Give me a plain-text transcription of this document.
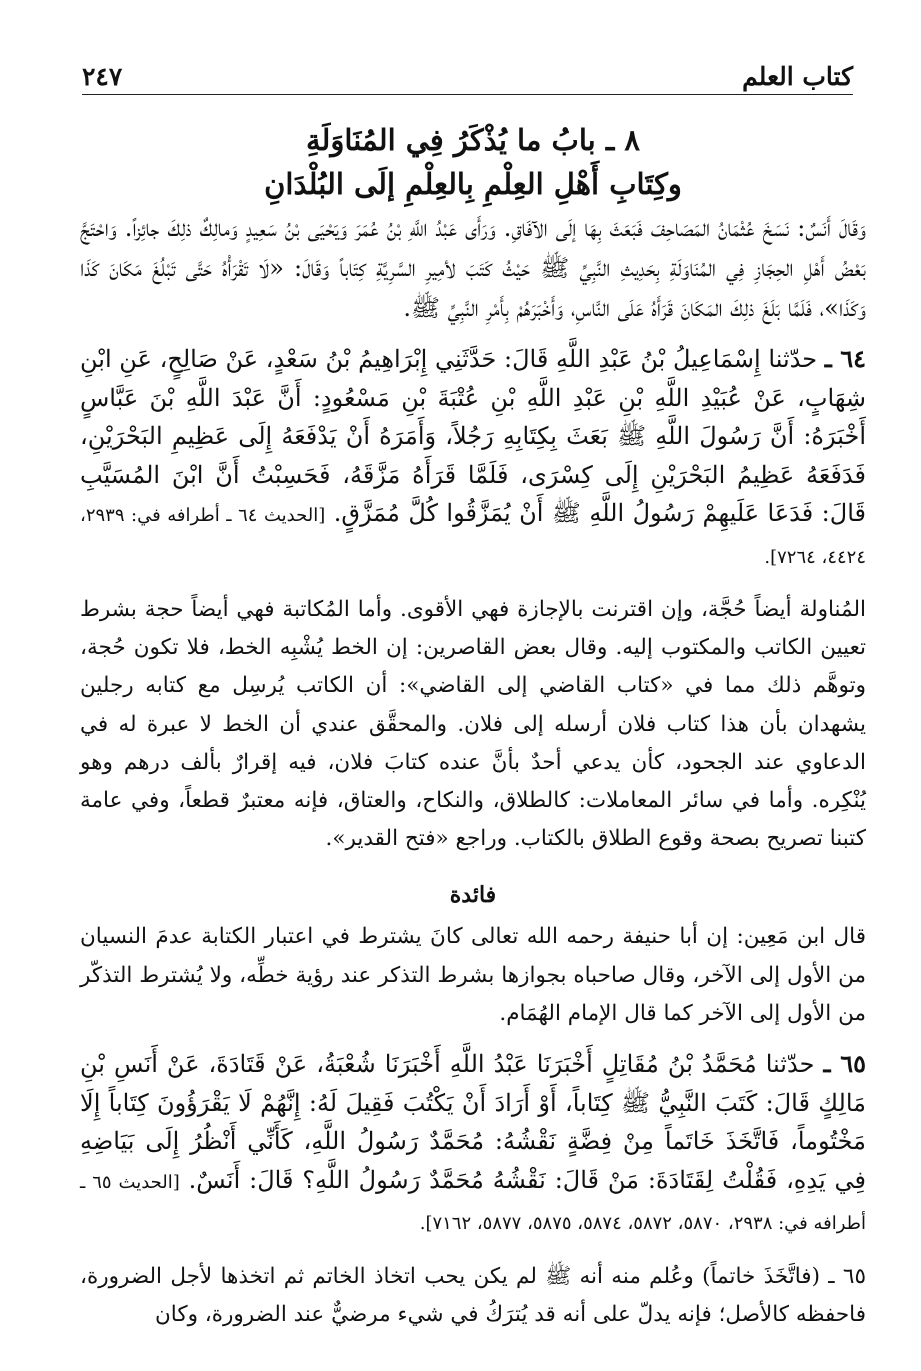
كتاب العلم
٢٤٧

٨ ـ بابُ ما يُذْكَرُ فِي المُنَاوَلَةِ

وكِتَابِ أَهْلِ العِلْمِ بِالعِلْمِ إلَى البُلْدَانِ

وَقَالَ أَنَسٌ: نَسَخَ عُثْمَانُ المَصَاحِفَ فَبَعَثَ بِهَا إلَى الآفَاقِ. وَرَأَى عَبْدُ اللَّهِ بْنُ عُمَرَ وَيَحْيَى بْنُ سَعِيدٍ وَمالِكٌ ذلِكَ جائِزاً. وَاحْتَجَّ بَعْضُ أَهْلِ الحِجَازِ فِي المُنَاوَلَةِ بِحَدِيثِ النَّبِيِّ ﷺ حَيْثُ كَتَبَ لأمِيرِ السَّرِيَّةِ كِتَاباً وَقَالَ: «لَا تَقْرَأْهُ حَتَّى تَبْلُغَ مَكَانَ كَذَا وَكَذَا»، فَلَمَّا بَلَغَ ذلِكَ المَكَانَ قَرَأَهُ عَلَى النَّاسِ، وَأَخْبَرَهُمْ بِأَمْرِ النَّبِيِّ ﷺ.

٦٤ ـ حدّثنا إِسْمَاعِيلُ بْنُ عَبْدِ اللَّهِ قَالَ: حَدَّثَنِي إِبْرَاهِيمُ بْنُ سَعْدٍ، عَنْ صَالِحٍ، عَنِ ابْنِ شِهَابٍ، عَنْ عُبَيْدِ اللَّهِ بْنِ عَبْدِ اللَّهِ بْنِ عُتْبَةَ بْنِ مَسْعُودٍ: أَنَّ عَبْدَ اللَّهِ بْنَ عَبَّاسٍ أَخْبَرَهُ: أَنَّ رَسُولَ اللَّهِ ﷺ بَعَثَ بِكِتَابِهِ رَجُلاً، وَأَمَرَهُ أَنْ يَدْفَعَهُ إِلَى عَظِيمِ البَحْرَيْنِ، فَدَفَعَهُ عَظِيمُ البَحْرَيْنِ إِلَى كِسْرَى، فَلَمَّا قَرَأَهُ مَزَّقَهُ، فَحَسِبْتُ أَنَّ ابْنَ المُسَيَّبِ قَالَ: فَدَعَا عَلَيهِمْ رَسُولُ اللَّهِ ﷺ أَنْ يُمَزَّقُوا كُلَّ مُمَزَّقٍ. [الحديث ٦٤ ـ أطرافه في: ٢٩٣٩، ٤٤٢٤، ٧٢٦٤].

المُناولة أيضاً حُجَّة، وإن اقترنت بالإجازة فهي الأقوى. وأما المُكاتبة فهي أيضاً حجة بشرط تعيين الكاتب والمكتوب إليه. وقال بعض القاصرين: إن الخط يُشْبِه الخط، فلا تكون حُجة، وتوهَّم ذلك مما في «كتاب القاضي إلى القاضي»: أن الكاتب يُرسِل مع كتابه رجلين يشهدان بأن هذا كتاب فلان أرسله إلى فلان. والمحقَّق عندي أن الخط لا عبرة له في الدعاوي عند الجحود، كأن يدعي أحدٌ بأنَّ عنده كتابَ فلان، فيه إقرارٌ بألف درهم وهو يُنْكِره. وأما في سائر المعاملات: كالطلاق، والنكاح، والعتاق، فإنه معتبرٌ قطعاً، وفي عامة كتبنا تصريح بصحة وقوع الطلاق بالكتاب. وراجع «فتح القدير».

فائدة

قال ابن مَعِين: إن أبا حنيفة رحمه الله تعالى كانَ يشترط في اعتبار الكتابة عدمَ النسيان من الأول إلى الآخر، وقال صاحباه بجوازها بشرط التذكر عند رؤية خطِّه، ولا يُشترط التذكّر من الأول إلى الآخر كما قال الإمام الهُمَام.

٦٥ ـ حدّثنا مُحَمَّدُ بْنُ مُقَاتِلٍ أَخْبَرَنَا عَبْدُ اللَّهِ أَخْبَرَنَا شُعْبَةُ، عَنْ قَتَادَةَ، عَنْ أَنَسِ بْنِ مَالِكٍ قَالَ: كَتَبَ النَّبِيُّ ﷺ كِتَاباً، أَوْ أَرَادَ أَنْ يَكْتُبَ فَقِيلَ لَهُ: إِنَّهُمْ لَا يَقْرَؤُونَ كِتَاباً إِلَا مَخْتُوماً، فَاتَّخَذَ خَاتَماً مِنْ فِضَّةٍ نَقْشُهُ: مُحَمَّدٌ رَسُولُ اللَّهِ، كَأَنِّي أَنْظُرُ إِلَى بَيَاضِهِ فِي يَدِهِ، فَقُلْتُ لِقَتَادَةَ: مَنْ قَالَ: نَقْشُهُ مُحَمَّدٌ رَسُولُ اللَّهِ؟ قَالَ: أَنَسٌ. [الحديث ٦٥ ـ أطرافه في: ٢٩٣٨، ٥٨٧٠، ٥٨٧٢، ٥٨٧٤، ٥٨٧٥، ٥٨٧٧، ٧١٦٢].

٦٥ ـ (فاتَّخَذَ خاتماً) وعُلم منه أنه ﷺ لم يكن يحب اتخاذ الخاتم ثم اتخذها لأجل الضرورة، فاحفظه كالأصل؛ فإنه يدلّ على أنه قد يُترَكُ في شيء مرضيٌّ عند الضرورة، وكان
